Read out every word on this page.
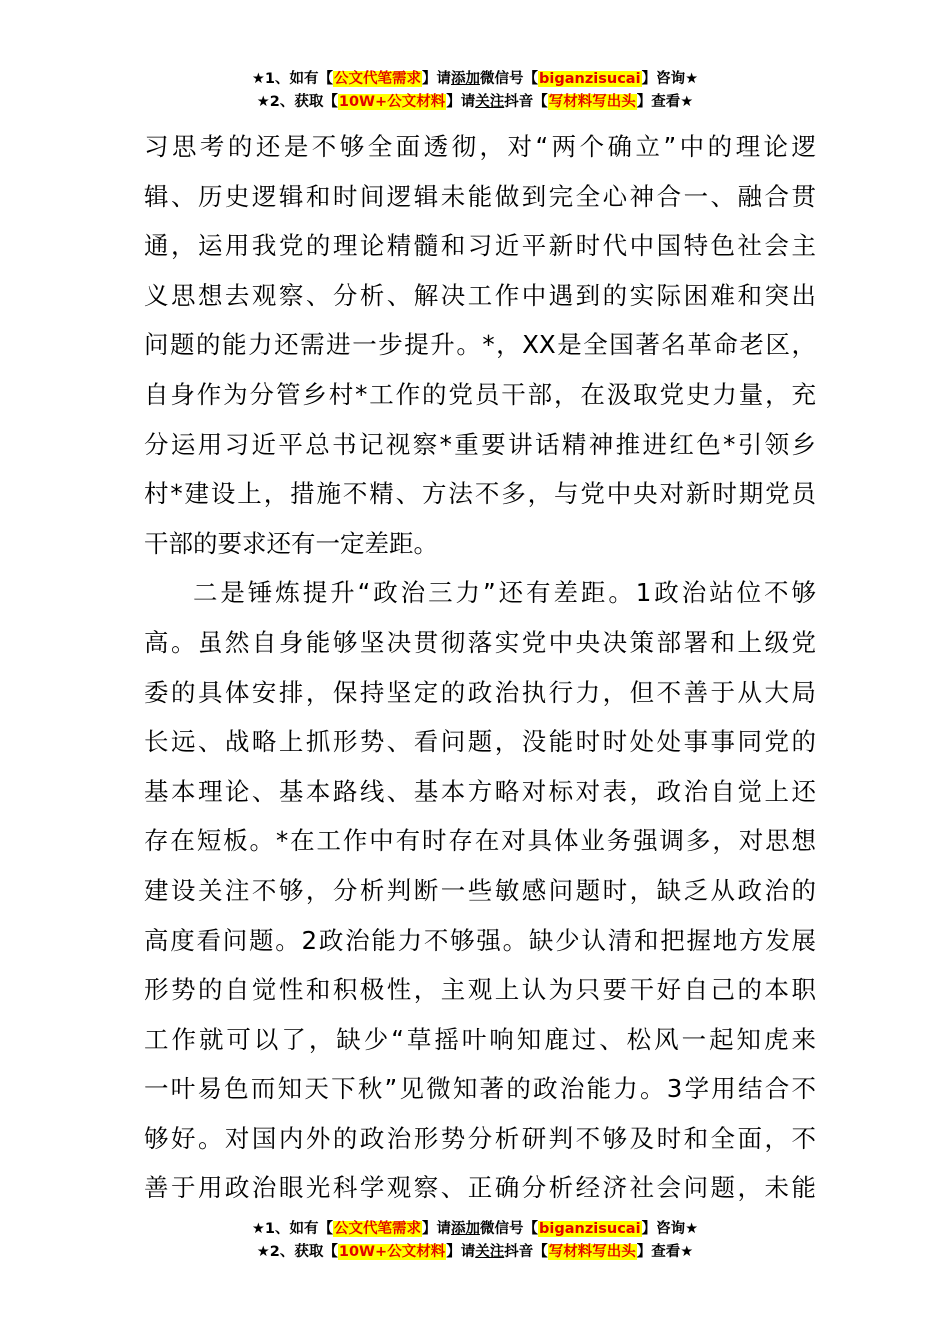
★1、如有【公文代笔需求】请添加微信号【biganzisucai】咨询★
★2、获取【10W+公文材料】请关注抖音【写材料写出头】查看★
习思考的还是不够全面透彻，对“两个确立”中的理论逻
辑、历史逻辑和时间逻辑未能做到完全心神合一、融合贯
通，运用我党的理论精髓和习近平新时代中国特色社会主
义思想去观察、分析、解决工作中遇到的实际困难和突出
问题的能力还需进一步提升。*，XX是全国著名革命老区，
自身作为分管乡村*工作的党员干部，在汲取党史力量，充
分运用习近平总书记视察*重要讲话精神推进红色*引领乡
村*建设上，措施不精、方法不多，与党中央对新时期党员
干部的要求还有一定差距。
二是锤炼提升“政治三力”还有差距。1政治站位不够
高。虽然自身能够坚决贯彻落实党中央决策部署和上级党
委的具体安排，保持坚定的政治执行力，但不善于从大局
长远、战略上抓形势、看问题，没能时时处处事事同党的
基本理论、基本路线、基本方略对标对表，政治自觉上还
存在短板。*在工作中有时存在对具体业务强调多，对思想
建设关注不够，分析判断一些敏感问题时，缺乏从政治的
高度看问题。2政治能力不够强。缺少认清和把握地方发展
形势的自觉性和积极性，主观上认为只要干好自己的本职
工作就可以了，缺少“草摇叶响知鹿过、松风一起知虎来
一叶易色而知天下秋”见微知著的政治能力。3学用结合不
够好。对国内外的政治形势分析研判不够及时和全面，不
善于用政治眼光科学观察、正确分析经济社会问题，未能
★1、如有【公文代笔需求】请添加微信号【biganzisucai】咨询★
★2、获取【10W+公文材料】请关注抖音【写材料写出头】查看★
